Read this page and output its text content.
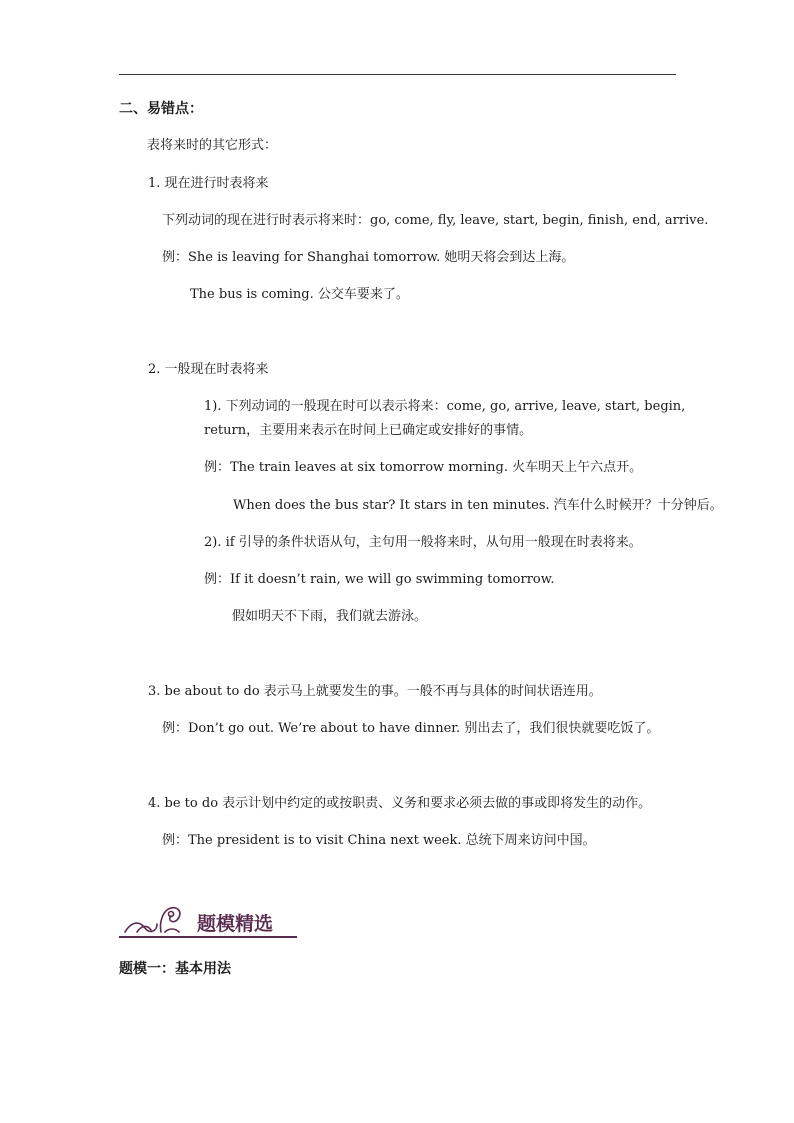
二、易错点：
表将来时的其它形式：
1. 现在进行时表将来
下列动词的现在进行时表示将来时：go, come, fly, leave, start, begin, finish, end, arrive.
例：She is leaving for Shanghai tomorrow. 她明天将会到达上海。
The bus is coming. 公交车要来了。
2. 一般现在时表将来
1). 下列动词的一般现在时可以表示将来：come, go, arrive, leave, start, begin,
return，主要用来表示在时间上已确定或安排好的事情。
例：The train leaves at six tomorrow morning. 火车明天上午六点开。
When does the bus star? It stars in ten minutes. 汽车什么时候开？十分钟后。
2). if 引导的条件状语从句，主句用一般将来时，从句用一般现在时表将来。
例：If it doesn’t rain, we will go swimming tomorrow.
假如明天不下雨，我们就去游泳。
3. be about to do 表示马上就要发生的事。一般不再与具体的时间状语连用。
例：Don’t go out. We’re about to have dinner. 别出去了，我们很快就要吃饭了。
4. be to do 表示计划中约定的或按职责、义务和要求必须去做的事或即将发生的动作。
例：The president is to visit China next week. 总统下周来访问中国。
题模精选
题模一：基本用法
